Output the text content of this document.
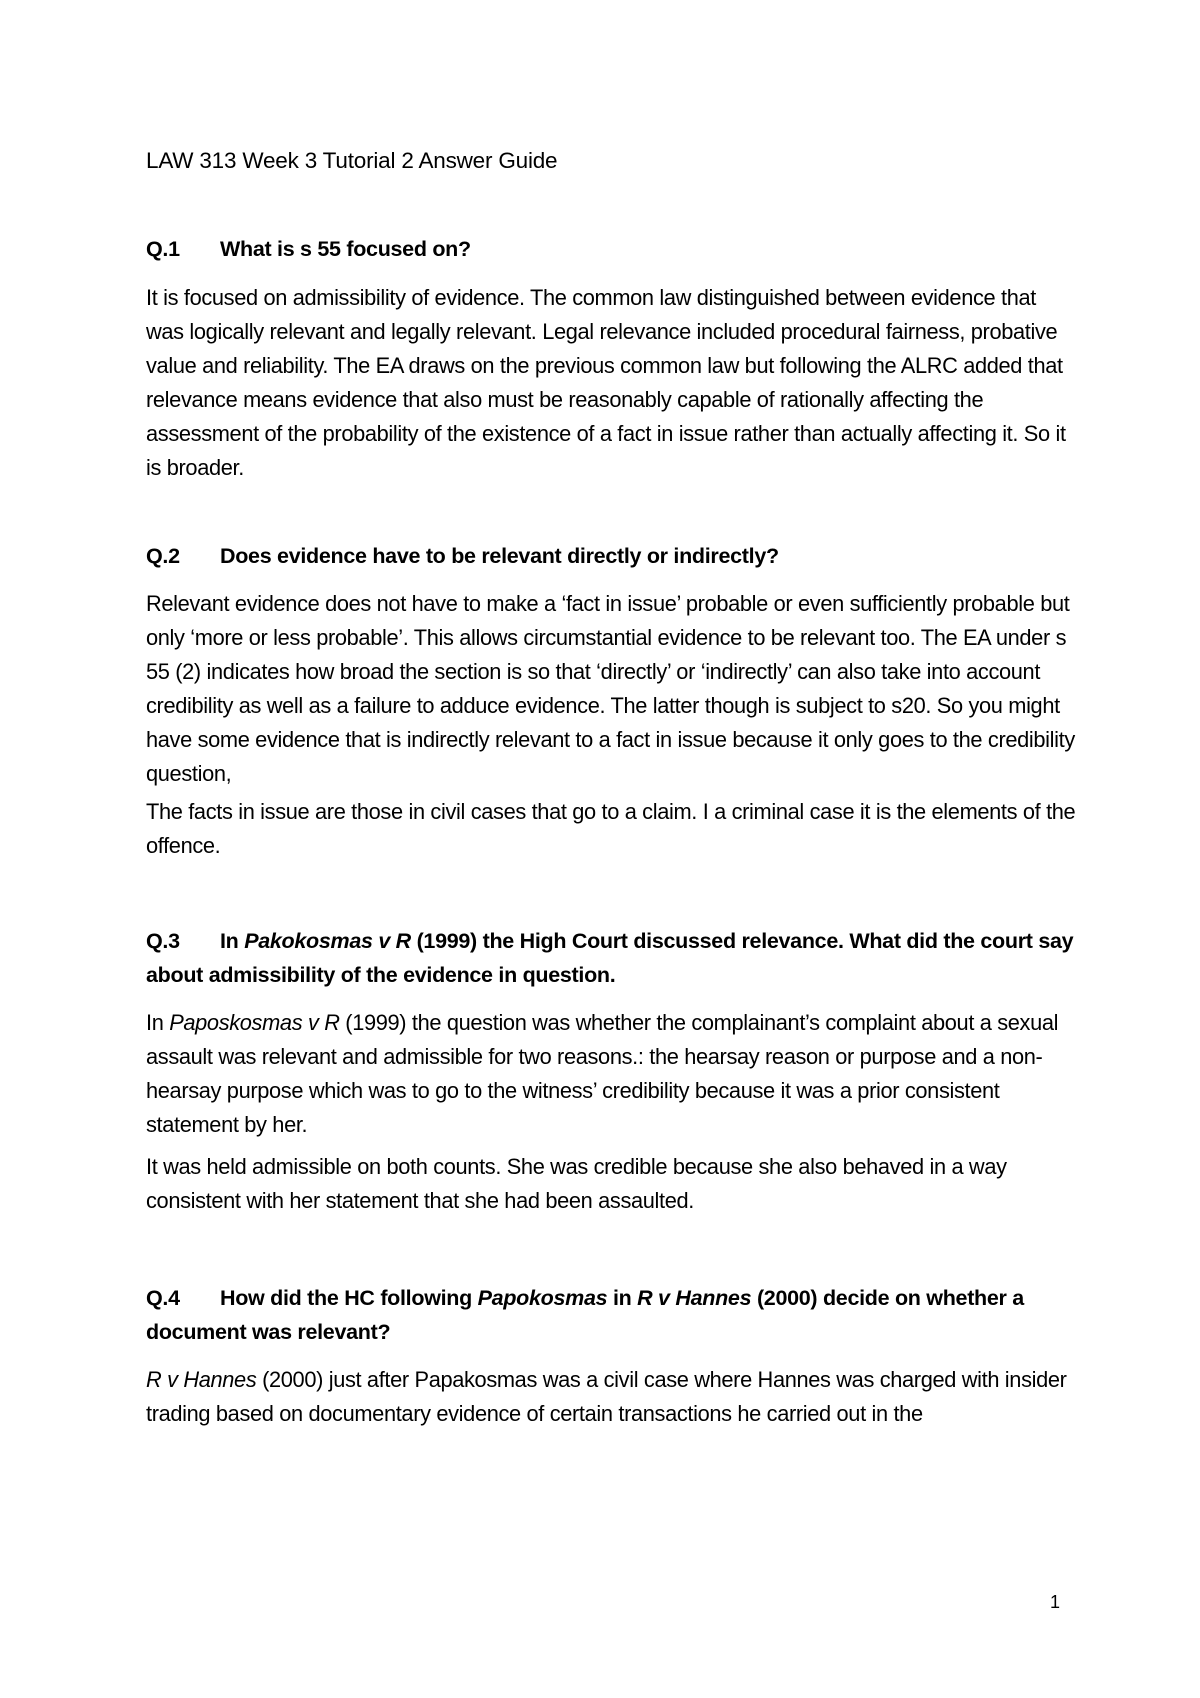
LAW 313 Week 3 Tutorial 2 Answer Guide
Q.1 What is s 55 focused on?
It is focused on admissibility of evidence. The common law distinguished between evidence that was logically relevant and legally relevant. Legal relevance included procedural fairness, probative value and reliability. The EA draws on the previous common law but following the ALRC added that relevance means evidence that also must be reasonably capable of rationally affecting the assessment of the probability of the existence of a fact in issue rather than actually affecting it. So it is broader.
Q.2 Does evidence have to be relevant directly or indirectly?
Relevant evidence does not have to make a ‘fact in issue’ probable or even sufficiently probable but only ‘more or less probable’. This allows circumstantial evidence to be relevant too. The EA under s 55 (2) indicates how broad the section is so that ‘directly’ or ‘indirectly’ can also take into account credibility as well as a failure to adduce evidence. The latter though is subject to s20. So you might have some evidence that is indirectly relevant to a fact in issue because it only goes to the credibility question,
The facts in issue are those in civil cases that go to a claim. I a criminal case it is the elements of the offence.
Q.3 In Pakokosmas v R (1999) the High Court discussed relevance. What did the court say about admissibility of the evidence in question.
In Paposkosmas v R (1999) the question was whether the complainant’s complaint about a sexual assault was relevant and admissible for two reasons.: the hearsay reason or purpose and a non-hearsay purpose which was to go to the witness’ credibility because it was a prior consistent statement by her.
It was held admissible on both counts. She was credible because she also behaved in a way consistent with her statement that she had been assaulted.
Q.4 How did the HC following Papokosmas in R v Hannes (2000) decide on whether a document was relevant?
R v Hannes (2000) just after Papakosmas was a civil case where Hannes was charged with insider trading based on documentary evidence of certain transactions he carried out in the
1
